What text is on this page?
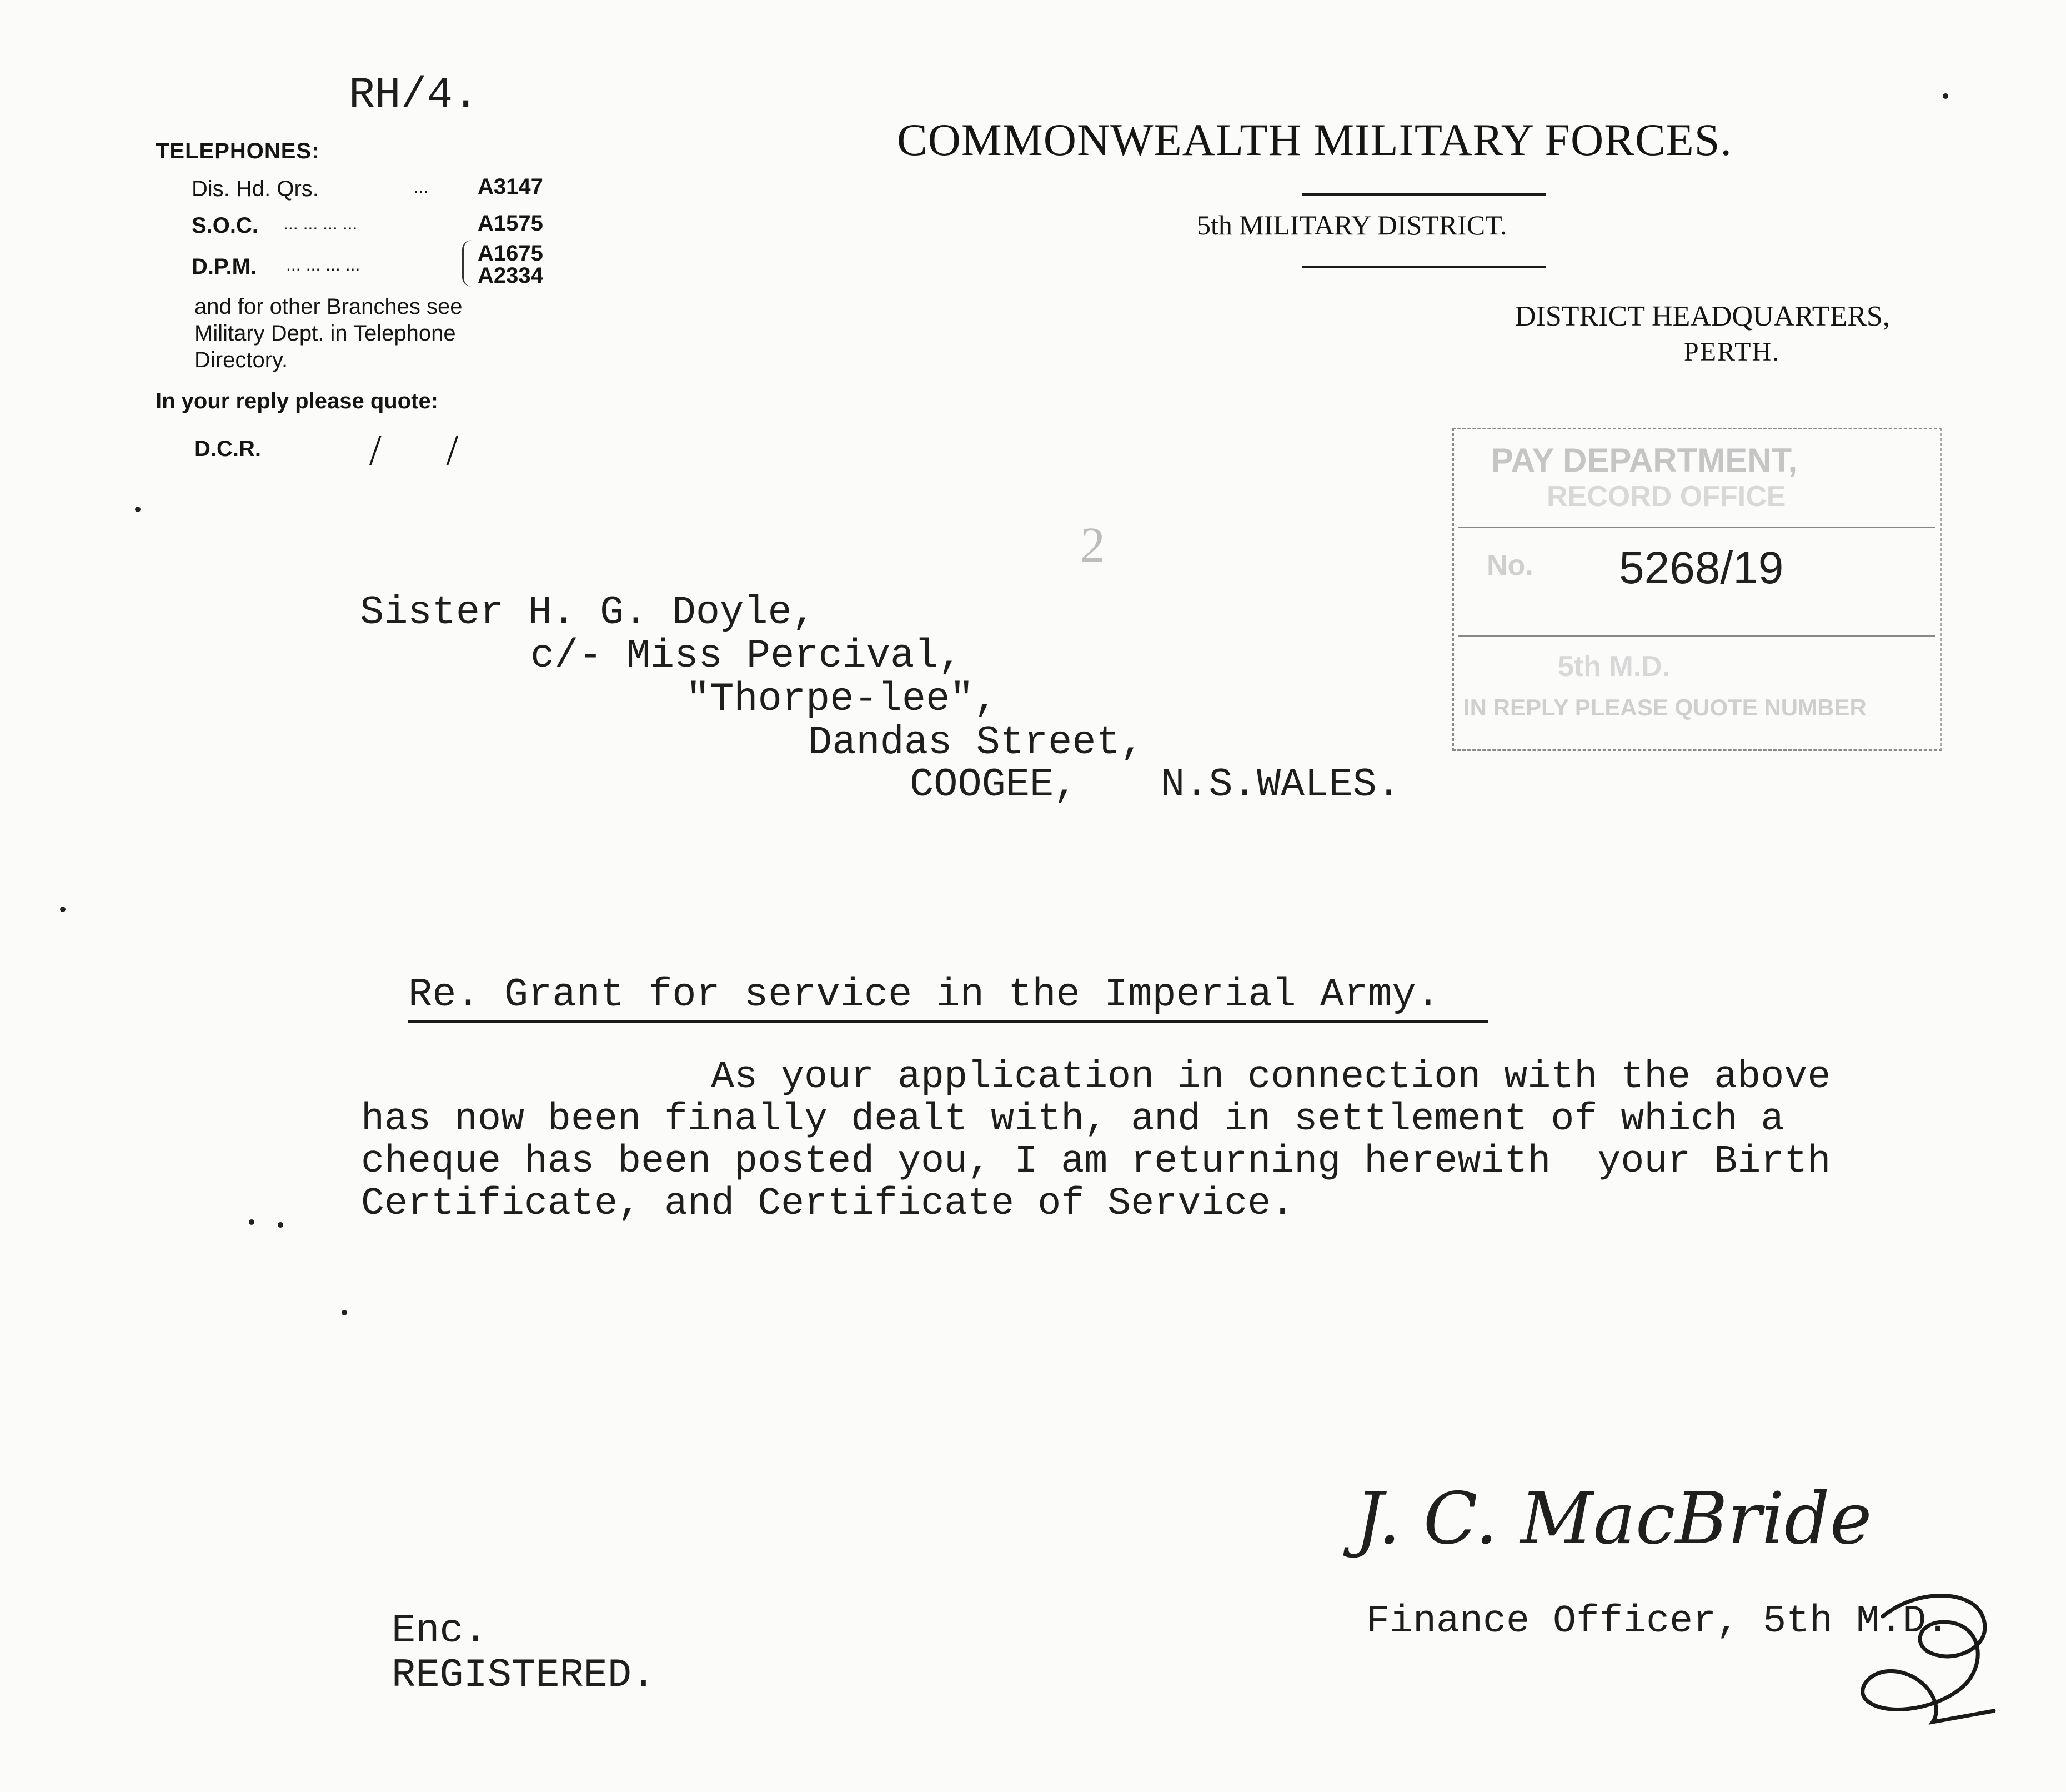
RH/4.
TELEPHONES:
Dis. Hd. Qrs.	... A3147
S.O.C. ... ... ... ...	A1575
D.P.M. ... ... ... ...	A1675
A2334
and for other Branches see
Military Dept. in Telephone
Directory.
In your reply please quote:
D.C.R.	/      /
COMMONWEALTH MILITARY FORCES.
5th MILITARY DISTRICT.
DISTRICT HEADQUARTERS,
PERTH.
PAY DEPARTMENT,
RECORD OFFICE
No. 5268/19
5th M.D.
IN REPLY PLEASE QUOTE NUMBER
2
Sister H. G. Doyle,
c/- Miss Percival,
"Thorpe-lee",
Dandas Street,
COOGEE, N.S.WALES.
Re. Grant for service in the Imperial Army.
As your application in connection with the above
has now been finally dealt with, and in settlement of which a
cheque has been posted you, I am returning herewith  your Birth
Certificate, and Certificate of Service.
J. C. MacBride
Finance Officer, 5th M.D.
Enc.
REGISTERED.
